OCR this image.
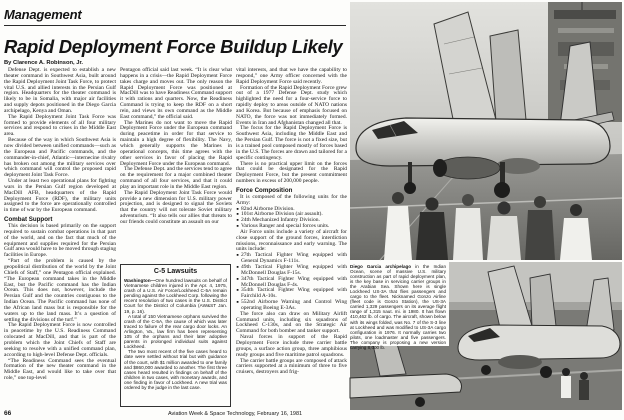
Management
Rapid Deployment Force Buildup Likely

By Clarence A. Robinson, Jr.

Defense Dept. is expected to establish a new theater command in Southwest Asia, built around the Rapid Deployment Joint Task Force, to protect vital U.S. and allied interests in the Persian Gulf region. Headquarters for the theater command is likely to be in Somalia, with major air facilities and supply depots positioned in the Diego Garcia archipelago, Kenya and Oman.

The Rapid Deployment Joint Task Force was formed to provide elements of all four military services and respond to crises in the Middle East area.

Because of the way in which Southwest Asia is now divided between unified commands—such as the European and Pacific commands, and the commander-in-chief, Atlantic—internecine rivalry has broken out among the military services over which command will control the proposed rapid deployment Joint Task Force.

Under at least two operational plans for fighting wars in the Persian Gulf region developed at MacDill AFB, headquarters of the Rapid Deployment Force (RDF), the military units assigned to the force are operationally controlled in time of war by the European command.

Combat Support

This decision is based primarily on the support required to sustain combat operations in that part of the world, and on the fact that much of the equipment and supplies required for the Persian Gulf area would have to be moved through staging facilities in Europe.

“Part of the problem is caused by the geopolitical distribution of the world by the Joint Chiefs of Staff,” one Pentagon official explained. “The European command takes in the Middle East, but the Pacific command has the Indian Ocean. This does not, however, include the Persian Gulf and the countries contiguous to the Indian Ocean. The Pacific command has none of the African land mass but is responsible for the waters up to the land mass. It’s a question of settling the divisions of the turf.”

The Rapid Deployment Force is now controlled in peacetime by the U.S. Readiness Command colocated at MacDill, and that is part of the problem which the Joint Chiefs of Staff are seeking to resolve with a unified command plan, according to high-level Defense Dept. officials.

“The Readiness Command sees the eventual formation of the new theater command in the Middle East, and would like to take over that role,” one top-level

Pentagon official said last week. “It is clear what happens in a crisis—the Rapid Deployment Force takes charge and moves out. The only reason the Rapid Deployment Force was positioned at MacDill was to have Readiness Command support it with rations and quarters. Now, the Readiness Command is trying to keep the RDF on a short rein, and views its own command as the Middle East command,” the official said.

The Marines do not want to move the Rapid Deployment Force under the European command during peacetime in order for that service to maintain a high degree of flexibility. The Navy, which generally supports the Marines in operational concepts, this time agrees with the other services in favor of placing the Rapid Deployment Force under the European command.

The Defense Dept. and the services tend to agree on the requirement for a major combined theater command of all four services, and that it could play an important role in the Middle East region.

The Rapid Deployment Joint Task Force would provide a new dimension for U.S. military power projection, and is designed to signal the Soviets that the country will not tolerate Soviet military adventurism. “It also tells our allies that threats to our friends could constitute an assault on our

vital interests, and that we have the capability to respond,” one Army officer concerned with the Rapid Deployment Force said recently.

Formation of the Rapid Deployment Force grew out of a 1977 Defense Dept. study which highlighted the need for a four-service force to rapidly deploy to areas outside of NATO nations and Korea. But because of emphasis focused on NATO, the force was not immediately formed. Events in Iran and Afghanistan changed all that.

The focus for the Rapid Deployment Force is Southwest Asia, including the Middle East and the Persian Gulf. The force is not a fixed size, but is a trained pool composed mostly of forces based in the U.S. The forces are drawn and tailored for a specific contingency.

There is no practical upper limit on the forces that could be designated for the Rapid Deployment Force, but the present commitment numbers in excess of 200,000 people.

Force Composition

It is composed of the following units for the Army:

■ 82nd Airborne Division.

■ 101st Airborne Division (air assault).

■ 24th Mechanized Infantry Division.

■ Various Ranger and special forces units.

Air Force units include a variety of aircraft for close support of the ground forces, interdiction missions, reconnaissance and early warning. The units include:

■ 27th Tactical Fighter Wing equipped with General Dynamics F-111s.

■ 49th Tactical Fighter Wing equipped with McDonnell Douglas F-15s.

■ 347th Tactical Fighter Wing equipped with McDonnell Douglas F-4s.

■ 354th Tactical Fighter Wing equipped with Fairchild A-10s.

■ 552nd Airborne Warning and Control Wing operating Boeing E-3As.

The force also can draw on Military Airlift Command units, including six squadrons of Lockheed C-130s, and on the Strategic Air Command for both bomber and tanker support.

Naval forces in support of the Rapid Deployment Force include three carrier battle groups, a surface action group, three amphibious ready groups and five maritime patrol squadrons.

The carrier battle groups are composed of attack carriers supported at a minimum of three to five cruisers, destroyers and frig-

C-5 Lawsuits

Washington—One hundred lawsuits on behalf of Vietnamese children injured in the Apr. 4, 1975, crash of a U.S. Air Force/Lockheed C-5A remain pending against the Lockheed Corp. following the recent resolution of two cases in the U.S. District Court for the District of Columbia (AW&ST Jan. 19, p. 16).

A total of 150 Vietnamese orphans survived the crash of the C-5A, the cause of which was later traced to failure of the rear cargo door locks. An Arlington, Va., law firm has been representing 105 of the orphans and their later adoptive parents in prolonged individual suits against Lockheed.

The two most recent of the five cases heard to date were settled without trial but with guidance of the court, with $1 million awarded to one family and $860,000 awarded to another. The first three cases heard resulted in findings on behalf of the children in two cases, with monetary awards, and one finding in favor of Lockheed. A new trial was ordered by the judge in the last case.

Diego Garcia archipelago in the Indian Ocean, scene of massive U.S. military construction as part of rapid deployment plan, is the key base in servicing carrier groups in the Arabian Sea. Shown here is single Lockheed US-3A that flies passengers and cargo to the fleet. Nicknamed Gonzo Airline (fleet code is Gonzo Station), the US-3A carried 1,329 passengers on its average flight range of 1,315 naut. mi. in 1980. It has flown 410,462 lb. of cargo. The aircraft, shown below with its wings folded, was No. 7 of the S-3 line at Lockheed and was modified to US-3A cargo configuration in 1976. It normally carries two pilots, one loadmaster and five passengers. The company is proposing a new version carrying 8,000 lb.

66	Aviation Week & Space Technology, February 16, 1981
